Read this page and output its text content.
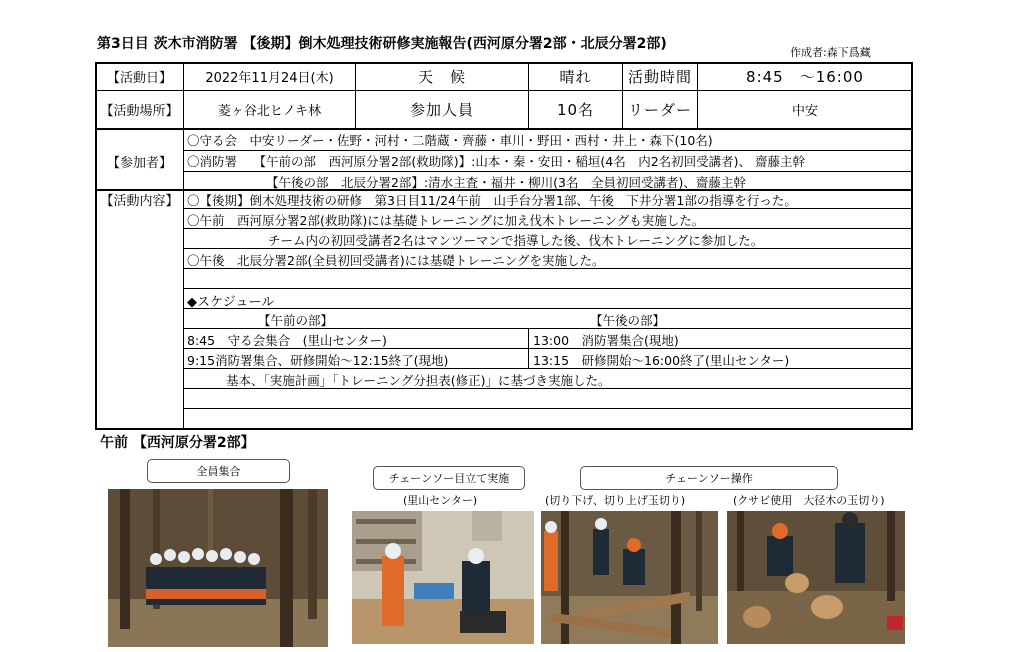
第3日目 茨木市消防署 【後期】倒木処理技術研修実施報告(西河原分署2部・北辰分署2部)
作成者:森下爲藏
【活動日】	2022年11月24日(木)	天　候	晴れ	活動時間	8:45　～16:00
【活動場所】	菱ヶ谷北ヒノキ林	参加人員	10名	リーダー	中安
【参加者】
〇守る会　中安リーダー・佐野・河村・二階蔵・齊藤・車川・野田・西村・井上・森下(10名)
〇消防署　 【午前の部　西河原分署2部(救助隊)】:山本・秦・安田・稲垣(4名　内2名初回受講者)、 齋藤主幹
　　　　　　 【午後の部　北辰分署2部】:清水主査・福井・柳川(3名　全員初回受講者)、齋藤主幹
【活動内容】 〇【後期】倒木処理技術の研修　第3日目11/24午前　山手台分署1部、午後　下井分署1部の指導を行った。
〇午前　西河原分署2部(救助隊)には基礎トレーニングに加え伐木トレーニングも実施した。
チーム内の初回受講者2名はマンツーマンで指導した後、伐木トレーニングに参加した。
〇午後　北辰分署2部(全員初回受講者)には基礎トレーニングを実施した。
◆スケジュール
【午前の部】	【午後の部】
8:45　守る会集合　(里山センター)	13:00　消防署集合(現地)
9:15消防署集合、研修開始～12:15終了(現地)	13:15　研修開始～16:00終了(里山センター)
基本、「実施計画」「トレーニング分担表(修正)」に基づき実施した。
午前 【西河原分署2部】
全員集合
チェーンソー目立て実施
(里山センター)
チェーンソー操作
(切り下げ、切り上げ玉切り)	(クサビ使用　大径木の玉切り)
